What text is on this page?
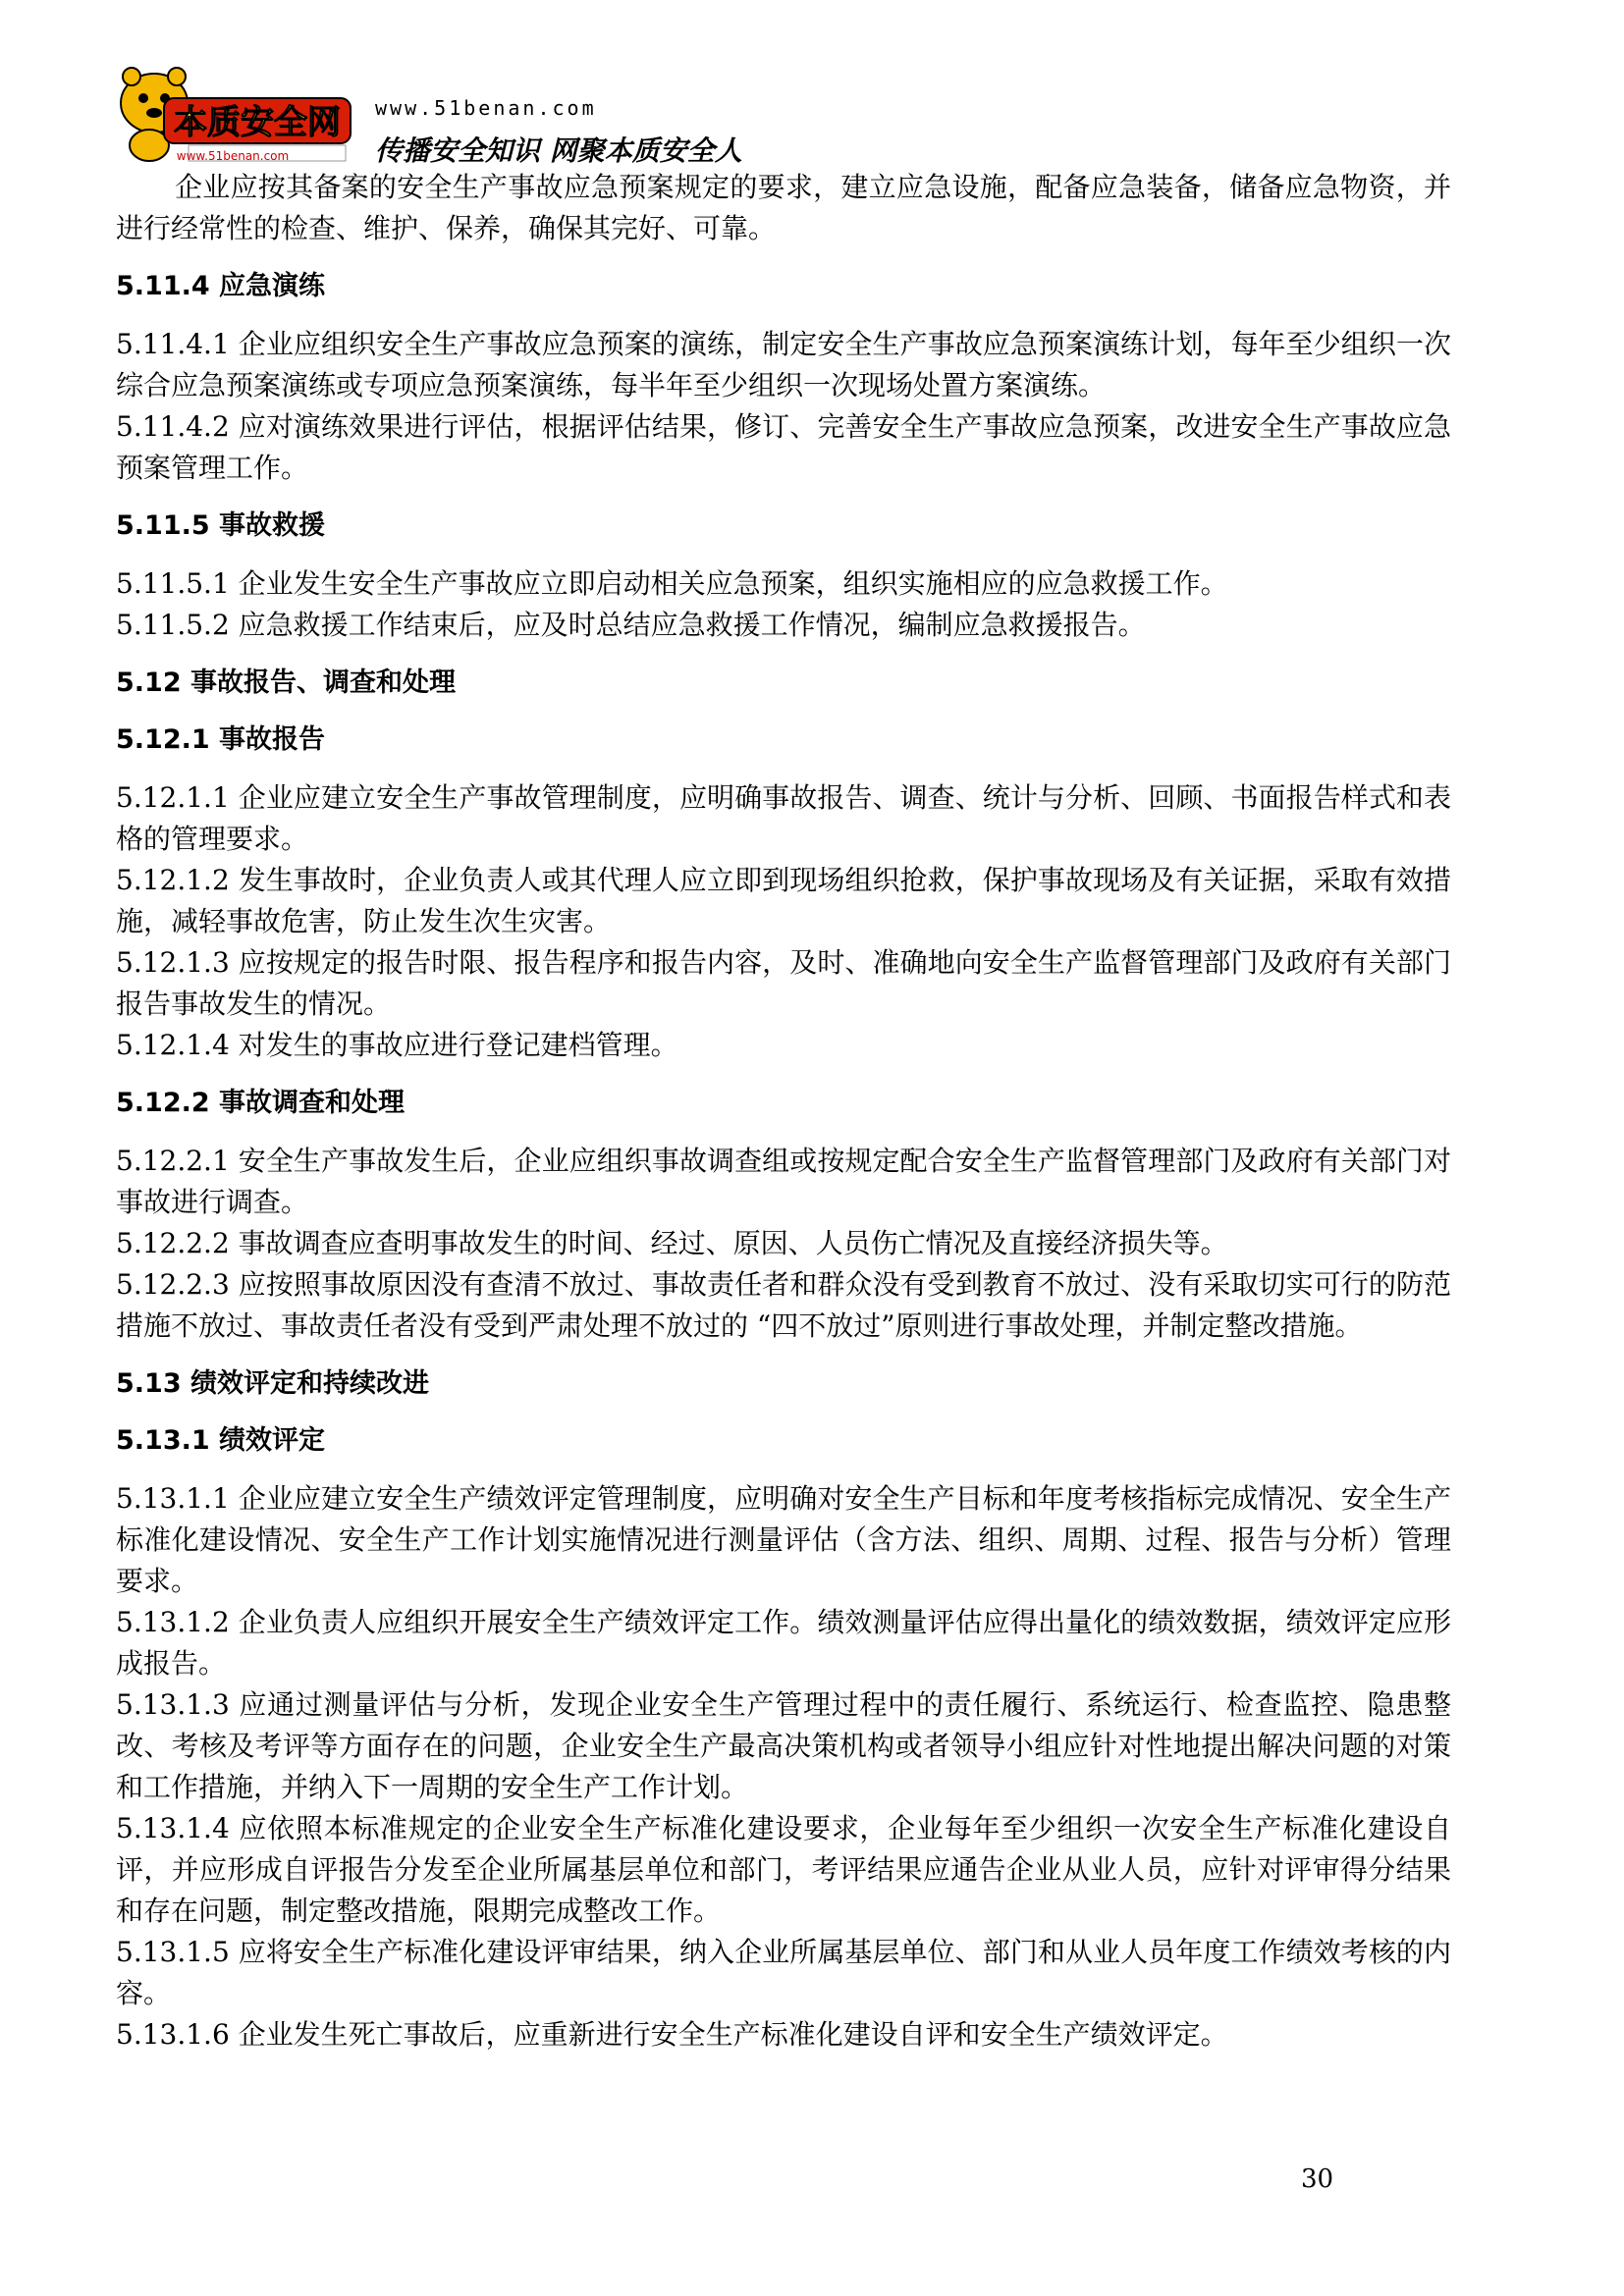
本质安全网
www.51benan.com
www.51benan.com
传播安全知识 网聚本质安全人

企业应按其备案的安全生产事故应急预案规定的要求，建立应急设施，配备应急装备，储备应急物资，并进行经常性的检查、维护、保养，确保其完好、可靠。

5.11.4 应急演练

5.11.4.1 企业应组织安全生产事故应急预案的演练，制定安全生产事故应急预案演练计划，每年至少组织一次综合应急预案演练或专项应急预案演练，每半年至少组织一次现场处置方案演练。

5.11.4.2 应对演练效果进行评估，根据评估结果，修订、完善安全生产事故应急预案，改进安全生产事故应急预案管理工作。

5.11.5 事故救援

5.11.5.1 企业发生安全生产事故应立即启动相关应急预案，组织实施相应的应急救援工作。

5.11.5.2 应急救援工作结束后，应及时总结应急救援工作情况，编制应急救援报告。

5.12 事故报告、调查和处理
5.12.1 事故报告

5.12.1.1 企业应建立安全生产事故管理制度，应明确事故报告、调查、统计与分析、回顾、书面报告样式和表格的管理要求。

5.12.1.2 发生事故时，企业负责人或其代理人应立即到现场组织抢救，保护事故现场及有关证据，采取有效措施，减轻事故危害，防止发生次生灾害。

5.12.1.3 应按规定的报告时限、报告程序和报告内容，及时、准确地向安全生产监督管理部门及政府有关部门报告事故发生的情况。

5.12.1.4 对发生的事故应进行登记建档管理。

5.12.2 事故调查和处理

5.12.2.1 安全生产事故发生后，企业应组织事故调查组或按规定配合安全生产监督管理部门及政府有关部门对事故进行调查。

5.12.2.2 事故调查应查明事故发生的时间、经过、原因、人员伤亡情况及直接经济损失等。

5.12.2.3 应按照事故原因没有查清不放过、事故责任者和群众没有受到教育不放过、没有采取切实可行的防范措施不放过、事故责任者没有受到严肃处理不放过的 “四不放过”原则进行事故处理，并制定整改措施。

5.13 绩效评定和持续改进
5.13.1 绩效评定

5.13.1.1 企业应建立安全生产绩效评定管理制度，应明确对安全生产目标和年度考核指标完成情况、安全生产标准化建设情况、安全生产工作计划实施情况进行测量评估（含方法、组织、周期、过程、报告与分析）管理要求。

5.13.1.2 企业负责人应组织开展安全生产绩效评定工作。绩效测量评估应得出量化的绩效数据，绩效评定应形成报告。

5.13.1.3 应通过测量评估与分析，发现企业安全生产管理过程中的责任履行、系统运行、检查监控、隐患整改、考核及考评等方面存在的问题，企业安全生产最高决策机构或者领导小组应针对性地提出解决问题的对策和工作措施，并纳入下一周期的安全生产工作计划。

5.13.1.4 应依照本标准规定的企业安全生产标准化建设要求，企业每年至少组织一次安全生产标准化建设自评，并应形成自评报告分发至企业所属基层单位和部门，考评结果应通告企业从业人员，应针对评审得分结果和存在问题，制定整改措施，限期完成整改工作。

5.13.1.5 应将安全生产标准化建设评审结果，纳入企业所属基层单位、部门和从业人员年度工作绩效考核的内容。

5.13.1.6 企业发生死亡事故后，应重新进行安全生产标准化建设自评和安全生产绩效评定。

30
